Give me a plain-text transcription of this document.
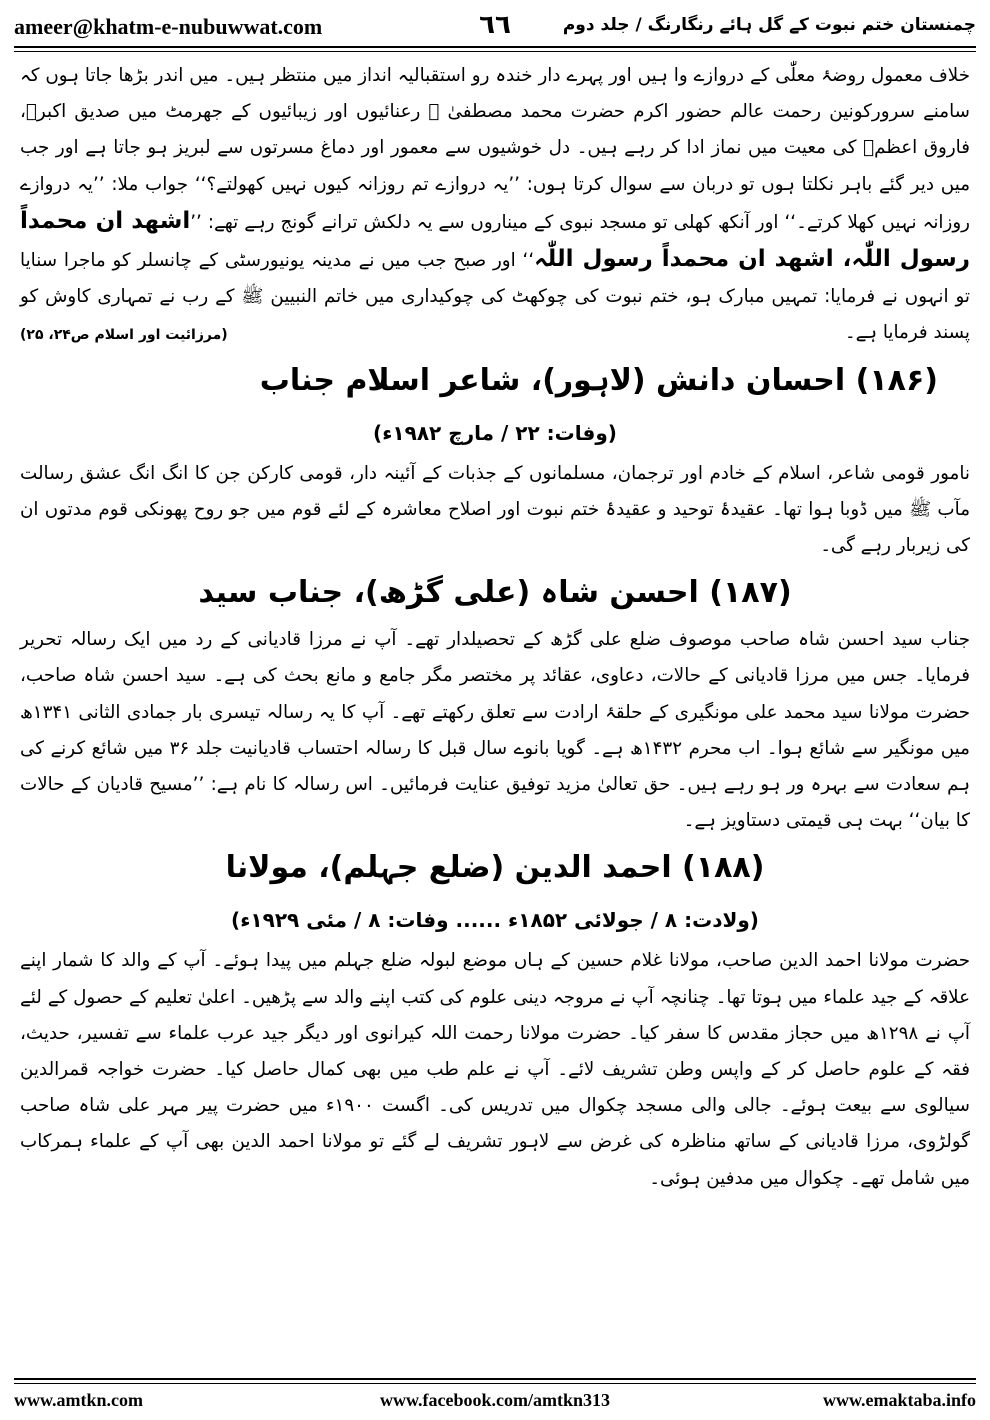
ameer@khatm-e-nubuwwat.com	٦٦	چمنستان ختم نبوت کے گل ہائے رنگارنگ / جلد دوم

خلاف معمول روضۂ معلّٰی کے دروازے وا ہیں اور پہرے دار خندہ رو استقبالیہ انداز میں منتظر ہیں۔ میں اندر بڑھا جاتا ہوں کہ سامنے سرورکونین رحمت عالم حضور اکرم حضرت محمد مصطفیٰ ﷺ رعنائیوں اور زیبائیوں کے جھرمٹ میں صدیق اکبرؓ، فاروق اعظمؓ کی معیت میں نماز ادا کر رہے ہیں۔ دل خوشیوں سے معمور اور دماغ مسرتوں سے لبریز ہو جاتا ہے اور جب میں دیر گئے باہر نکلتا ہوں تو دربان سے سوال کرتا ہوں: ’’یہ دروازے تم روزانہ کیوں نہیں کھولتے؟‘‘ جواب ملا: ’’یہ دروازے روزانہ نہیں کھلا کرتے۔‘‘ اور آنکھ کھلی تو مسجد نبوی کے میناروں سے یہ دلکش ترانے گونج رہے تھے: ’’اشھد ان محمداً رسول اللّٰہ، اشھد ان محمداً رسول اللّٰہ‘‘ اور صبح جب میں نے مدینہ یونیورسٹی کے چانسلر کو ماجرا سنایا تو انہوں نے فرمایا: تمہیں مبارک ہو، ختم نبوت کی چوکھٹ کی چوکیداری میں خاتم النبیین ﷺ کے رب نے تمہاری کاوش کو پسند فرمایا ہے۔
(مرزائیت اور اسلام ص۲۴، ۲۵)

(۱۸۶) احسان دانش (لاہور)، شاعر اسلام جناب
(وفات: ۲۲ / مارچ ۱۹۸۲ء)

نامور قومی شاعر، اسلام کے خادم اور ترجمان، مسلمانوں کے جذبات کے آئینہ دار، قومی کارکن جن کا انگ انگ عشق رسالت مآب ﷺ میں ڈوبا ہوا تھا۔ عقیدۂ توحید و عقیدۂ ختم نبوت اور اصلاح معاشرہ کے لئے قوم میں جو روح پھونکی قوم مدتوں ان کی زیربار رہے گی۔

(۱۸۷) احسن شاہ (علی گڑھ)، جناب سید

جناب سید احسن شاہ صاحب موصوف ضلع علی گڑھ کے تحصیلدار تھے۔ آپ نے مرزا قادیانی کے رد میں ایک رسالہ تحریر فرمایا۔ جس میں مرزا قادیانی کے حالات، دعاوی، عقائد پر مختصر مگر جامع و مانع بحث کی ہے۔ سید احسن شاہ صاحب، حضرت مولانا سید محمد علی مونگیری کے حلقۂ ارادت سے تعلق رکھتے تھے۔ آپ کا یہ رسالہ تیسری بار جمادی الثانی ۱۳۴۱ھ میں مونگیر سے شائع ہوا۔ اب محرم ۱۴۳۲ھ ہے۔ گویا بانوے سال قبل کا رسالہ احتساب قادیانیت جلد ۳۶ میں شائع کرنے کی ہم سعادت سے بہرہ ور ہو رہے ہیں۔ حق تعالیٰ مزید توفیق عنایت فرمائیں۔ اس رسالہ کا نام ہے: ’’مسیح قادیان کے حالات کا بیان‘‘ بہت ہی قیمتی دستاویز ہے۔

(۱۸۸) احمد الدین (ضلع جہلم)، مولانا
(ولادت: ۸ / جولائی ۱۸۵۲ء ...... وفات: ۸ / مئی ۱۹۲۹ء)

حضرت مولانا احمد الدین صاحب، مولانا غلام حسین کے ہاں موضع لبولہ ضلع جہلم میں پیدا ہوئے۔ آپ کے والد کا شمار اپنے علاقہ کے جید علماء میں ہوتا تھا۔ چنانچہ آپ نے مروجہ دینی علوم کی کتب اپنے والد سے پڑھیں۔ اعلیٰ تعلیم کے حصول کے لئے آپ نے ۱۲۹۸ھ میں حجاز مقدس کا سفر کیا۔ حضرت مولانا رحمت اللہ کیرانوی اور دیگر جید عرب علماء سے تفسیر، حدیث، فقہ کے علوم حاصل کر کے واپس وطن تشریف لائے۔ آپ نے علم طب میں بھی کمال حاصل کیا۔ حضرت خواجہ قمرالدین سیالوی سے بیعت ہوئے۔ جالی والی مسجد چکوال میں تدریس کی۔ اگست ۱۹۰۰ء میں حضرت پیر مہر علی شاہ صاحب گولڑوی، مرزا قادیانی کے ساتھ مناظرہ کی غرض سے لاہور تشریف لے گئے تو مولانا احمد الدین بھی آپ کے علماء ہمرکاب میں شامل تھے۔ چکوال میں مدفین ہوئی۔

www.amtkn.com	www.facebook.com/amtkn313	www.emaktaba.info
